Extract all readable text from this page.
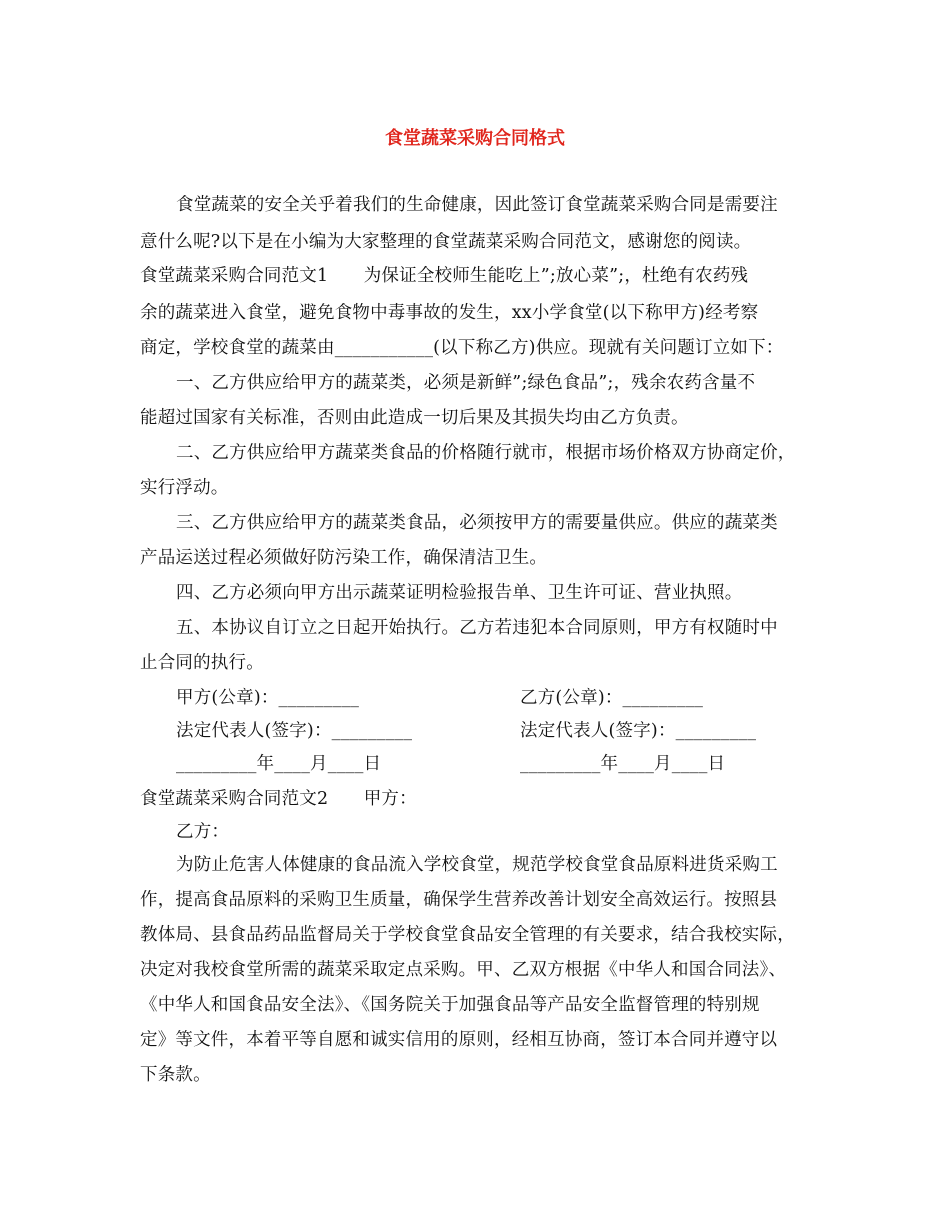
食堂蔬菜采购合同格式
食堂蔬菜的安全关乎着我们的生命健康，因此签订食堂蔬菜采购合同是需要注
意什么呢?以下是在小编为大家整理的食堂蔬菜采购合同范文，感谢您的阅读。
食堂蔬菜采购合同范文1　　为保证全校师生能吃上”;放心菜”;，杜绝有农药残
余的蔬菜进入食堂，避免食物中毒事故的发生，xx小学食堂(以下称甲方)经考察
商定，学校食堂的蔬菜由___________(以下称乙方)供应。现就有关问题订立如下：
一、乙方供应给甲方的蔬菜类，必须是新鲜”;绿色食品”;，残余农药含量不
能超过国家有关标准，否则由此造成一切后果及其损失均由乙方负责。
二、乙方供应给甲方蔬菜类食品的价格随行就市，根据市场价格双方协商定价，
实行浮动。
三、乙方供应给甲方的蔬菜类食品，必须按甲方的需要量供应。供应的蔬菜类
产品运送过程必须做好防污染工作，确保清洁卫生。
四、乙方必须向甲方出示蔬菜证明检验报告单、卫生许可证、营业执照。
五、本协议自订立之日起开始执行。乙方若违犯本合同原则，甲方有权随时中
止合同的执行。
甲方(公章)：_________	乙方(公章)：_________
法定代表人(签字)：_________	法定代表人(签字)：_________
_________年____月____日	_________年____月____日
食堂蔬菜采购合同范文2　　甲方：
乙方：
为防止危害人体健康的食品流入学校食堂，规范学校食堂食品原料进货采购工
作，提高食品原料的采购卫生质量，确保学生营养改善计划安全高效运行。按照县
教体局、县食品药品监督局关于学校食堂食品安全管理的有关要求，结合我校实际，
决定对我校食堂所需的蔬菜采取定点采购。甲、乙双方根据《中华人和国合同法》、
《中华人和国食品安全法》、《国务院关于加强食品等产品安全监督管理的特别规
定》等文件，本着平等自愿和诚实信用的原则，经相互协商，签订本合同并遵守以
下条款。
